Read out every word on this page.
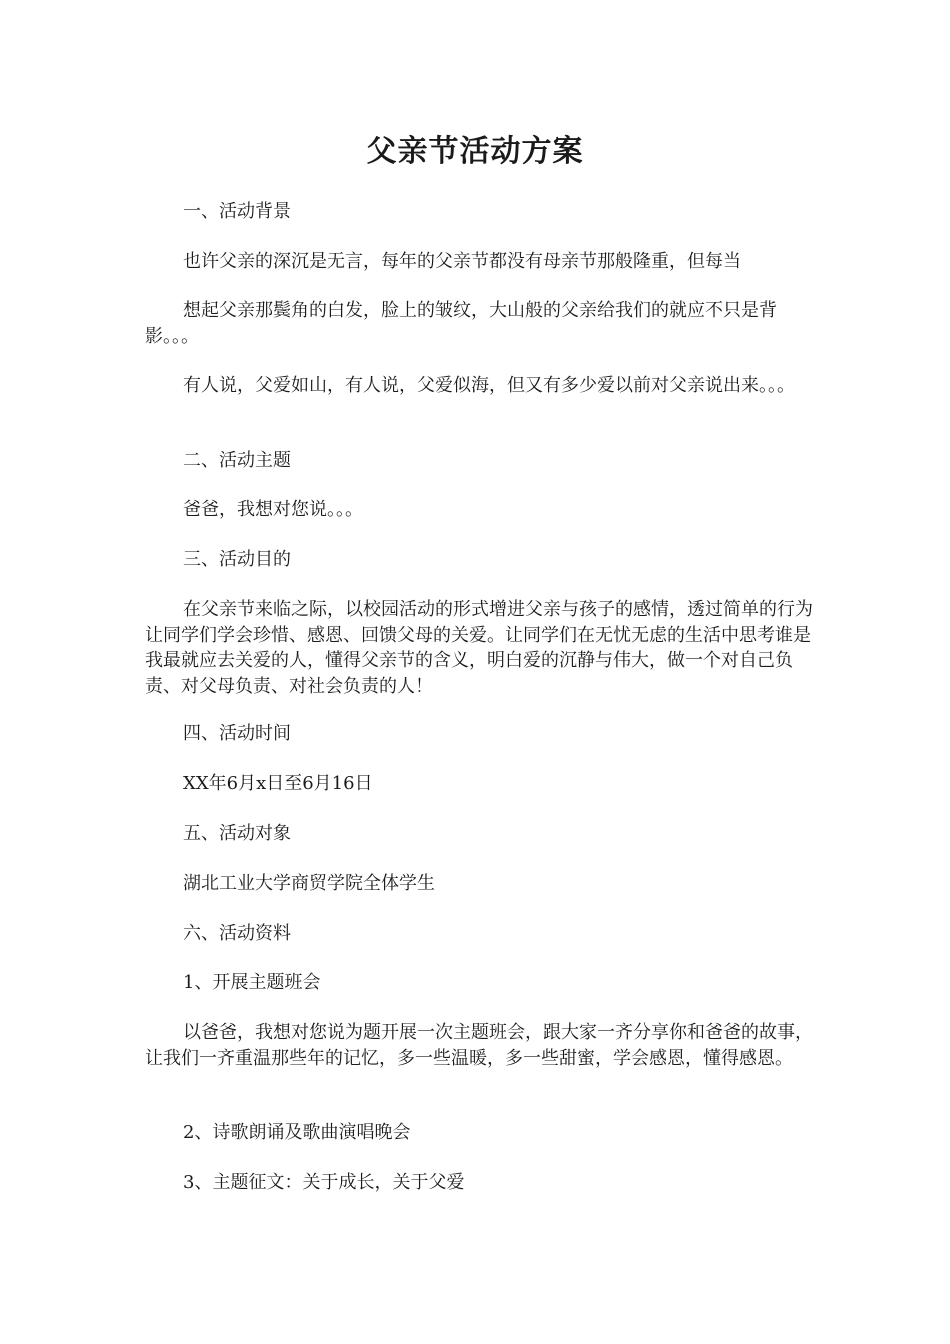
父亲节活动方案
一、活动背景
也许父亲的深沉是无言，每年的父亲节都没有母亲节那般隆重，但每当
想起父亲那鬓角的白发，脸上的皱纹，大山般的父亲给我们的就应不只是背影。。。
有人说，父爱如山，有人说，父爱似海，但又有多少爱以前对父亲说出来。。。
二、活动主题
爸爸，我想对您说。。。
三、活动目的
在父亲节来临之际，以校园活动的形式增进父亲与孩子的感情，透过简单的行为让同学们学会珍惜、感恩、回馈父母的关爱。让同学们在无忧无虑的生活中思考谁是我最就应去关爱的人，懂得父亲节的含义，明白爱的沉静与伟大，做一个对自己负责、对父母负责、对社会负责的人！
四、活动时间
XX年6月x日至6月16日
五、活动对象
湖北工业大学商贸学院全体学生
六、活动资料
1、开展主题班会
以爸爸，我想对您说为题开展一次主题班会，跟大家一齐分享你和爸爸的故事，让我们一齐重温那些年的记忆，多一些温暖，多一些甜蜜，学会感恩，懂得感恩。
2、诗歌朗诵及歌曲演唱晚会
3、主题征文：关于成长，关于父爱
